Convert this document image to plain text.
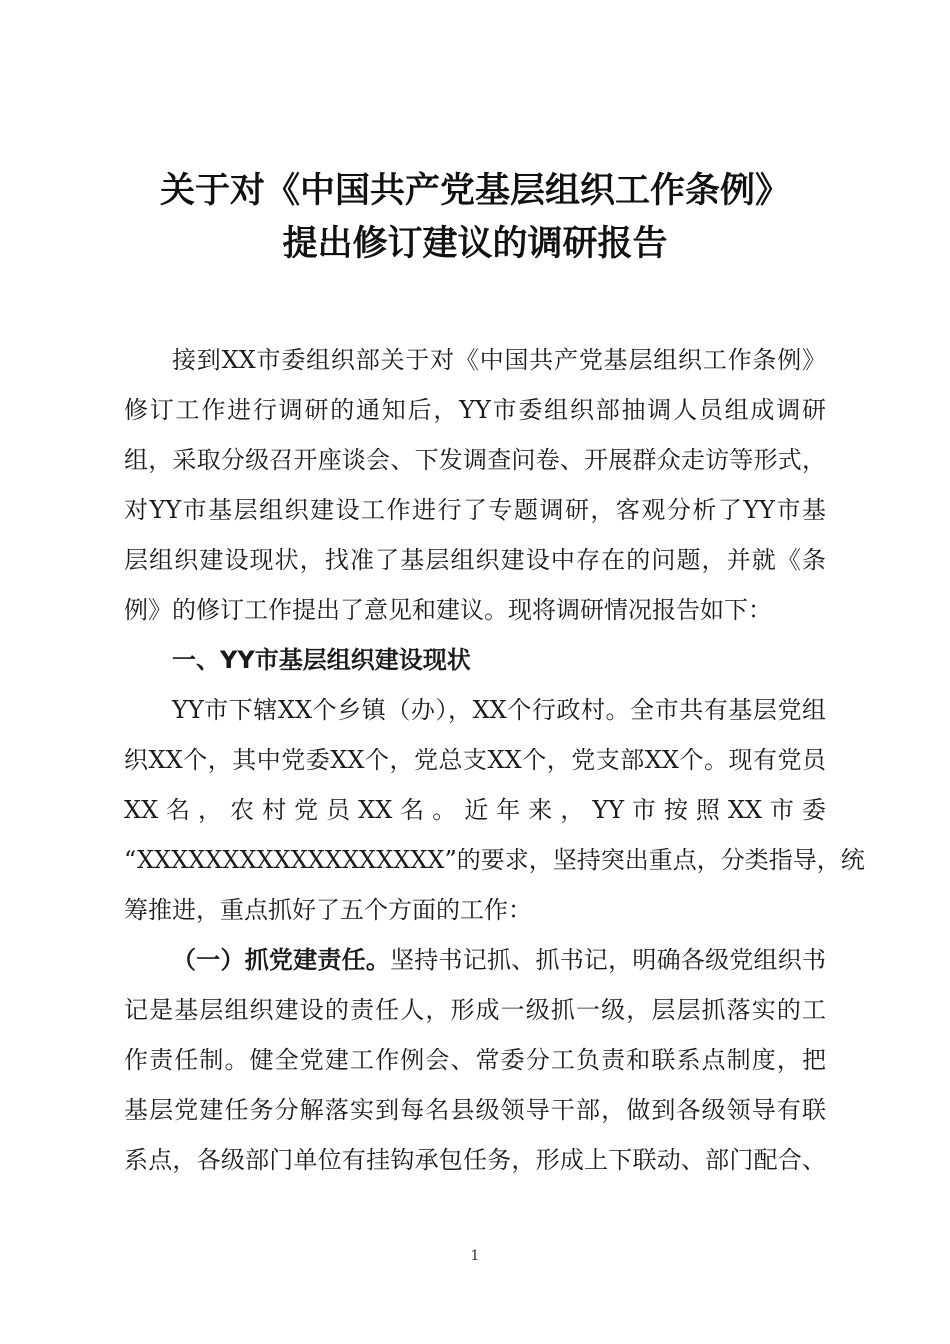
关于对《中国共产党基层组织工作条例》
提出修订建议的调研报告
接到XX市委组织部关于对《中国共产党基层组织工作条例》
修订工作进行调研的通知后，YY市委组织部抽调人员组成调研
组，采取分级召开座谈会、下发调查问卷、开展群众走访等形式，
对YY市基层组织建设工作进行了专题调研，客观分析了YY市基
层组织建设现状，找准了基层组织建设中存在的问题，并就《条
例》的修订工作提出了意见和建议。现将调研情况报告如下：
一、YY市基层组织建设现状
YY市下辖XX个乡镇（办），XX个行政村。全市共有基层党组
织XX个，其中党委XX个，党总支XX个，党支部XX个。现有党员
XX 名 ， 农 村 党 员 XX 名 。 近 年 来 ， YY 市 按 照 XX 市 委
“XXXXXXXXXXXXXXXXXX”的要求，坚持突出重点，分类指导，统
筹推进，重点抓好了五个方面的工作：
（一）抓党建责任。坚持书记抓、抓书记，明确各级党组织书
记是基层组织建设的责任人，形成一级抓一级，层层抓落实的工
作责任制。健全党建工作例会、常委分工负责和联系点制度，把
基层党建任务分解落实到每名县级领导干部，做到各级领导有联
系点，各级部门单位有挂钩承包任务，形成上下联动、部门配合、
1
